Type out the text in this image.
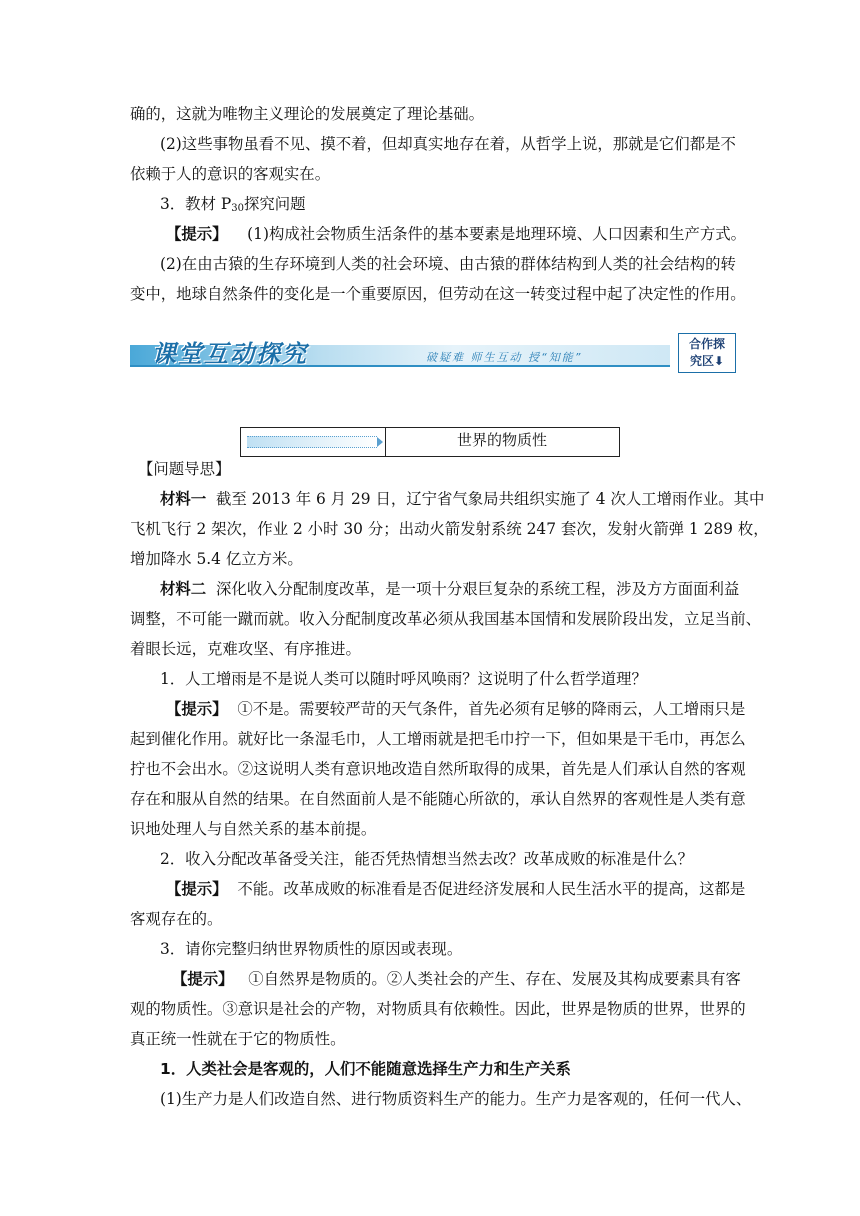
确的，这就为唯物主义理论的发展奠定了理论基础。
(2)这些事物虽看不见、摸不着，但却真实地存在着，从哲学上说，那就是它们都是不
依赖于人的意识的客观实在。
3．教材 $P_{30}$探究问题
【提示】 (1)构成社会物质生活条件的基本要素是地理环境、人口因素和生产方式。
(2)在由古猿的生存环境到人类的社会环境、由古猿的群体结构到人类的社会结构的转
变中，地球自然条件的变化是一个重要原因，但劳动在这一转变过程中起了决定性的作用。
课堂互动探究	破疑难 师生互动 授“知能”
合作探
究区⬇
世界的物质性
【问题导思】
材料一 截至 2013 年 6 月 29 日，辽宁省气象局共组织实施了 4 次人工增雨作业。其中
飞机飞行 2 架次，作业 2 小时 30 分；出动火箭发射系统 247 套次，发射火箭弹 1 289 枚，
增加降水 5.4 亿立方米。
材料二 深化收入分配制度改革，是一项十分艰巨复杂的系统工程，涉及方方面面利益
调整，不可能一蹴而就。收入分配制度改革必须从我国基本国情和发展阶段出发，立足当前、
着眼长远，克难攻坚、有序推进。
1．人工增雨是不是说人类可以随时呼风唤雨？这说明了什么哲学道理？
【提示】 ①不是。需要较严苛的天气条件，首先必须有足够的降雨云，人工增雨只是
起到催化作用。就好比一条湿毛巾，人工增雨就是把毛巾拧一下，但如果是干毛巾，再怎么
拧也不会出水。②这说明人类有意识地改造自然所取得的成果，首先是人们承认自然的客观
存在和服从自然的结果。在自然面前人是不能随心所欲的，承认自然界的客观性是人类有意
识地处理人与自然关系的基本前提。
2．收入分配改革备受关注，能否凭热情想当然去改？改革成败的标准是什么？
【提示】 不能。改革成败的标准看是否促进经济发展和人民生活水平的提高，这都是
客观存在的。
3．请你完整归纳世界物质性的原因或表现。
【提示】 ①自然界是物质的。②人类社会的产生、存在、发展及其构成要素具有客
观的物质性。③意识是社会的产物，对物质具有依赖性。因此，世界是物质的世界，世界的
真正统一性就在于它的物质性。
1．人类社会是客观的，人们不能随意选择生产力和生产关系
(1)生产力是人们改造自然、进行物质资料生产的能力。生产力是客观的，任何一代人、
